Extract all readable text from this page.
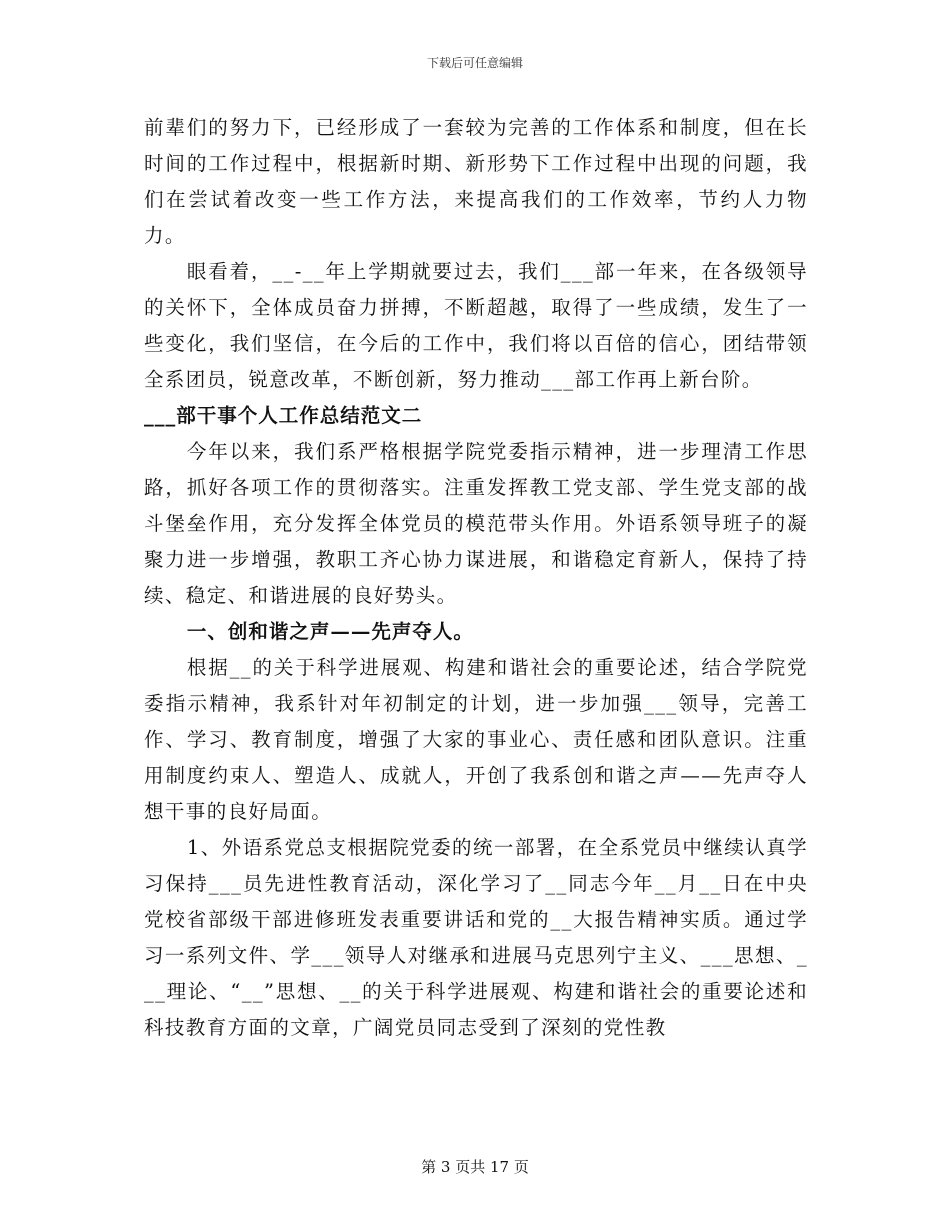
下载后可任意编辑

前辈们的努力下，已经形成了一套较为完善的工作体系和制度，但在长时间的工作过程中，根据新时期、新形势下工作过程中出现的问题，我们在尝试着改变一些工作方法，来提高我们的工作效率，节约人力物力。

眼看着，__-__年上学期就要过去，我们___部一年来，在各级领导的关怀下，全体成员奋力拼搏，不断超越，取得了一些成绩，发生了一些变化，我们坚信，在今后的工作中，我们将以百倍的信心，团结带领全系团员，锐意改革，不断创新，努力推动___部工作再上新台阶。

___部干事个人工作总结范文二

今年以来，我们系严格根据学院党委指示精神，进一步理清工作思路，抓好各项工作的贯彻落实。注重发挥教工党支部、学生党支部的战斗堡垒作用，充分发挥全体党员的模范带头作用。外语系领导班子的凝聚力进一步增强，教职工齐心协力谋进展，和谐稳定育新人，保持了持续、稳定、和谐进展的良好势头。

一、创和谐之声——先声夺人。

根据__的关于科学进展观、构建和谐社会的重要论述，结合学院党委指示精神，我系针对年初制定的计划，进一步加强___领导，完善工作、学习、教育制度，增强了大家的事业心、责任感和团队意识。注重用制度约束人、塑造人、成就人，开创了我系创和谐之声——先声夺人想干事的良好局面。

1、外语系党总支根据院党委的统一部署，在全系党员中继续认真学习保持___员先进性教育活动，深化学习了__同志今年__月__日在中央党校省部级干部进修班发表重要讲话和党的__大报告精神实质。通过学习一系列文件、学___领导人对继承和进展马克思列宁主义、___思想、___理论、“__”思想、__的关于科学进展观、构建和谐社会的重要论述和科技教育方面的文章，广阔党员同志受到了深刻的党性教

第 3 页共 17 页
